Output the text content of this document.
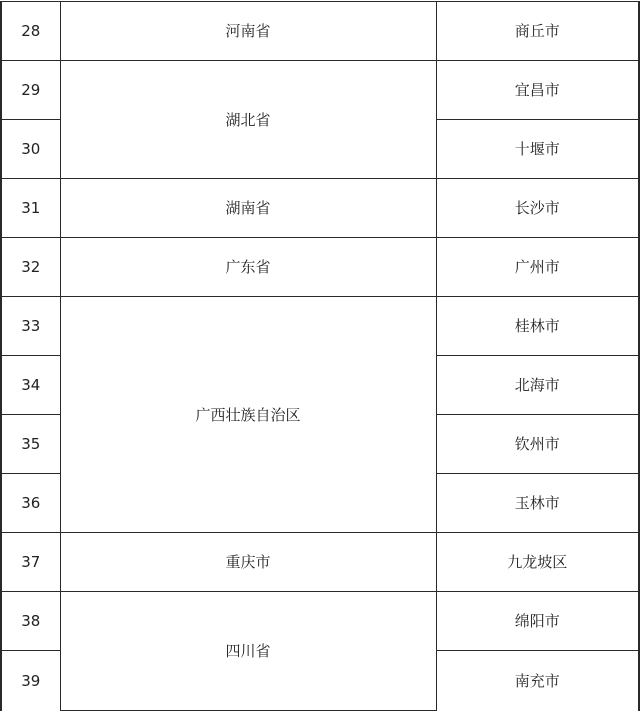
28	河南省	商丘市
29	湖北省	宜昌市
30		十堰市
31	湖南省	长沙市
32	广东省	广州市
33	广西壮族自治区	桂林市
34		北海市
35		钦州市
36		玉林市
37	重庆市	九龙坡区
38	四川省	绵阳市
39		南充市
